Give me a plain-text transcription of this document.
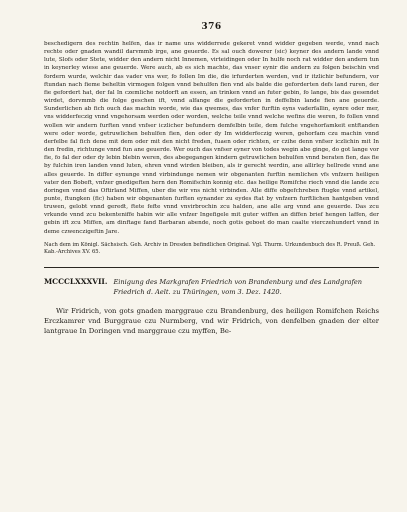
376

beschedigern des rechtin helfen, das ir name uns widderrede gekeret vnnd widder gegeben werde, vnnd nach rechte oder gnaden wandil darvmmb irge, ane geuerde. Es sal ouch dowerer (sic) keyner des andern lande vnnd lute, Slofs oder Stete, widder den andern nicht Innemen, virteidingen oder In hulfe noch rat widder den andern tun in keynerley wiese ane geuerde. Were auch, ab es sich machte, das vnser eynir die andern zu folgen beischin vnd fordern wurde, welchir das vader vns wer, fo follen Im die, die irfurderten werden, vnd ir itzlichir befundern, vor ftundan nach fieme beheltin virmogen folgen vnnd behulfen fien vnd als balde die geforderten defs land ruren, der fie gefordert hat, der fal In czemliche notdorft an essen, an trinken vnnd an futer gebin, fo lange, bis das gesendet wirdet, dorvmmb die folge geschen ift, vnnd alfange die geforderten in deffelbin lande fien ane geuerde. Sunderlichen ab fich ouch das machin worde, wie das qwemes, das vnfer furftin eyns vaderfallin, eynre oder mer, vns widderfeczig vnnd vngehorsam werden oder worden, welche teile vnnd welche wefins die weren, fo follen vnnd wollen wir andern furften vnnd vnfser iczlicher befundern demfelbin teile, dem fulche vngehorfamkeit entftanden were oder worde, getruwlichen behulfen fien, den oder dy Im widderfeczig weren, gehorfam czu machin vnnd derfelbe fal fich dene mit dem oder mit den nicht freden, fuaen oder richten, er czihe denn vnfser iczlichin mit In den fredin, richtunge vnnd fun ane geuerde. Wer ouch das vnfser eyner von todes wegin abe ginge, do got lange vor fie, fo fal der oder dy lebin blebin weren, des abegegangen kindern getruwlichen behulfen vnnd beraten fien, das fie by fulchin iren landen vnnd luten, ehren vnnd wirden bleiben, als ir gerecht werdin, ane allirley hellrede vnnd ane alles geuerde. In differ eynunge vnnd virbindunge nemen wir obgenanten furftin nemlichen vfs vnfzern heiligen vater den Bobeft, vnfzer gnedigeften hern den Romifschin konnig etc. das heilige Romifche riech vnnd die lande zcu doringen vnnd das Oftirland Miffen, uber die wir vns nicht virbinden. Alle diffe obgefchreben ftugke vnnd artikel, punte, ftungken (fic) haben wir obgenanten furften eynander zu eydes ftat by vnfzern furftlichen hantgeben vnnd truwen, gelobt vnnd geredt, ftete fefte vnnd vnvirbrochin zcu halden, ane alle arg vnnd ane geuerde. Das zcu vrkunde vnnd zcu bekenteniffe habin wir alle vnfzer Ingefigele mit guter wiffen an diffen brief hengen laffen, der gebin ift zcu Miffen, am dinftage fand Barbaran abende, noch gotis geboet do man caalte vierczehundert vnnd in deme czwenczigeftin Jare.

Nach dem im Königl. Sächsisch. Geh. Archiv in Dresden befindlichen Original. Vgl. Thurm. Urkundenbuch des R. Preuß. Geh. Kab.-Archives XV. 65.

MCCCLXXXVII. Einigung des Markgrafen Friedrich von Brandenburg und des Landgrafen Friedrich d. Aelt. zu Thüringen, vom 3. Dez. 1420.

Wir Fridrich, von gots gnaden marggraue czu Brandenburg, des heiligen Romifchen Reichs Erczkamrer vnd Burggraue czu Nurmberg, vnd wir Fridrich, von denfelben gnaden der elter lantgraue In Doringen vnd marggraue czu myffen, Be-
